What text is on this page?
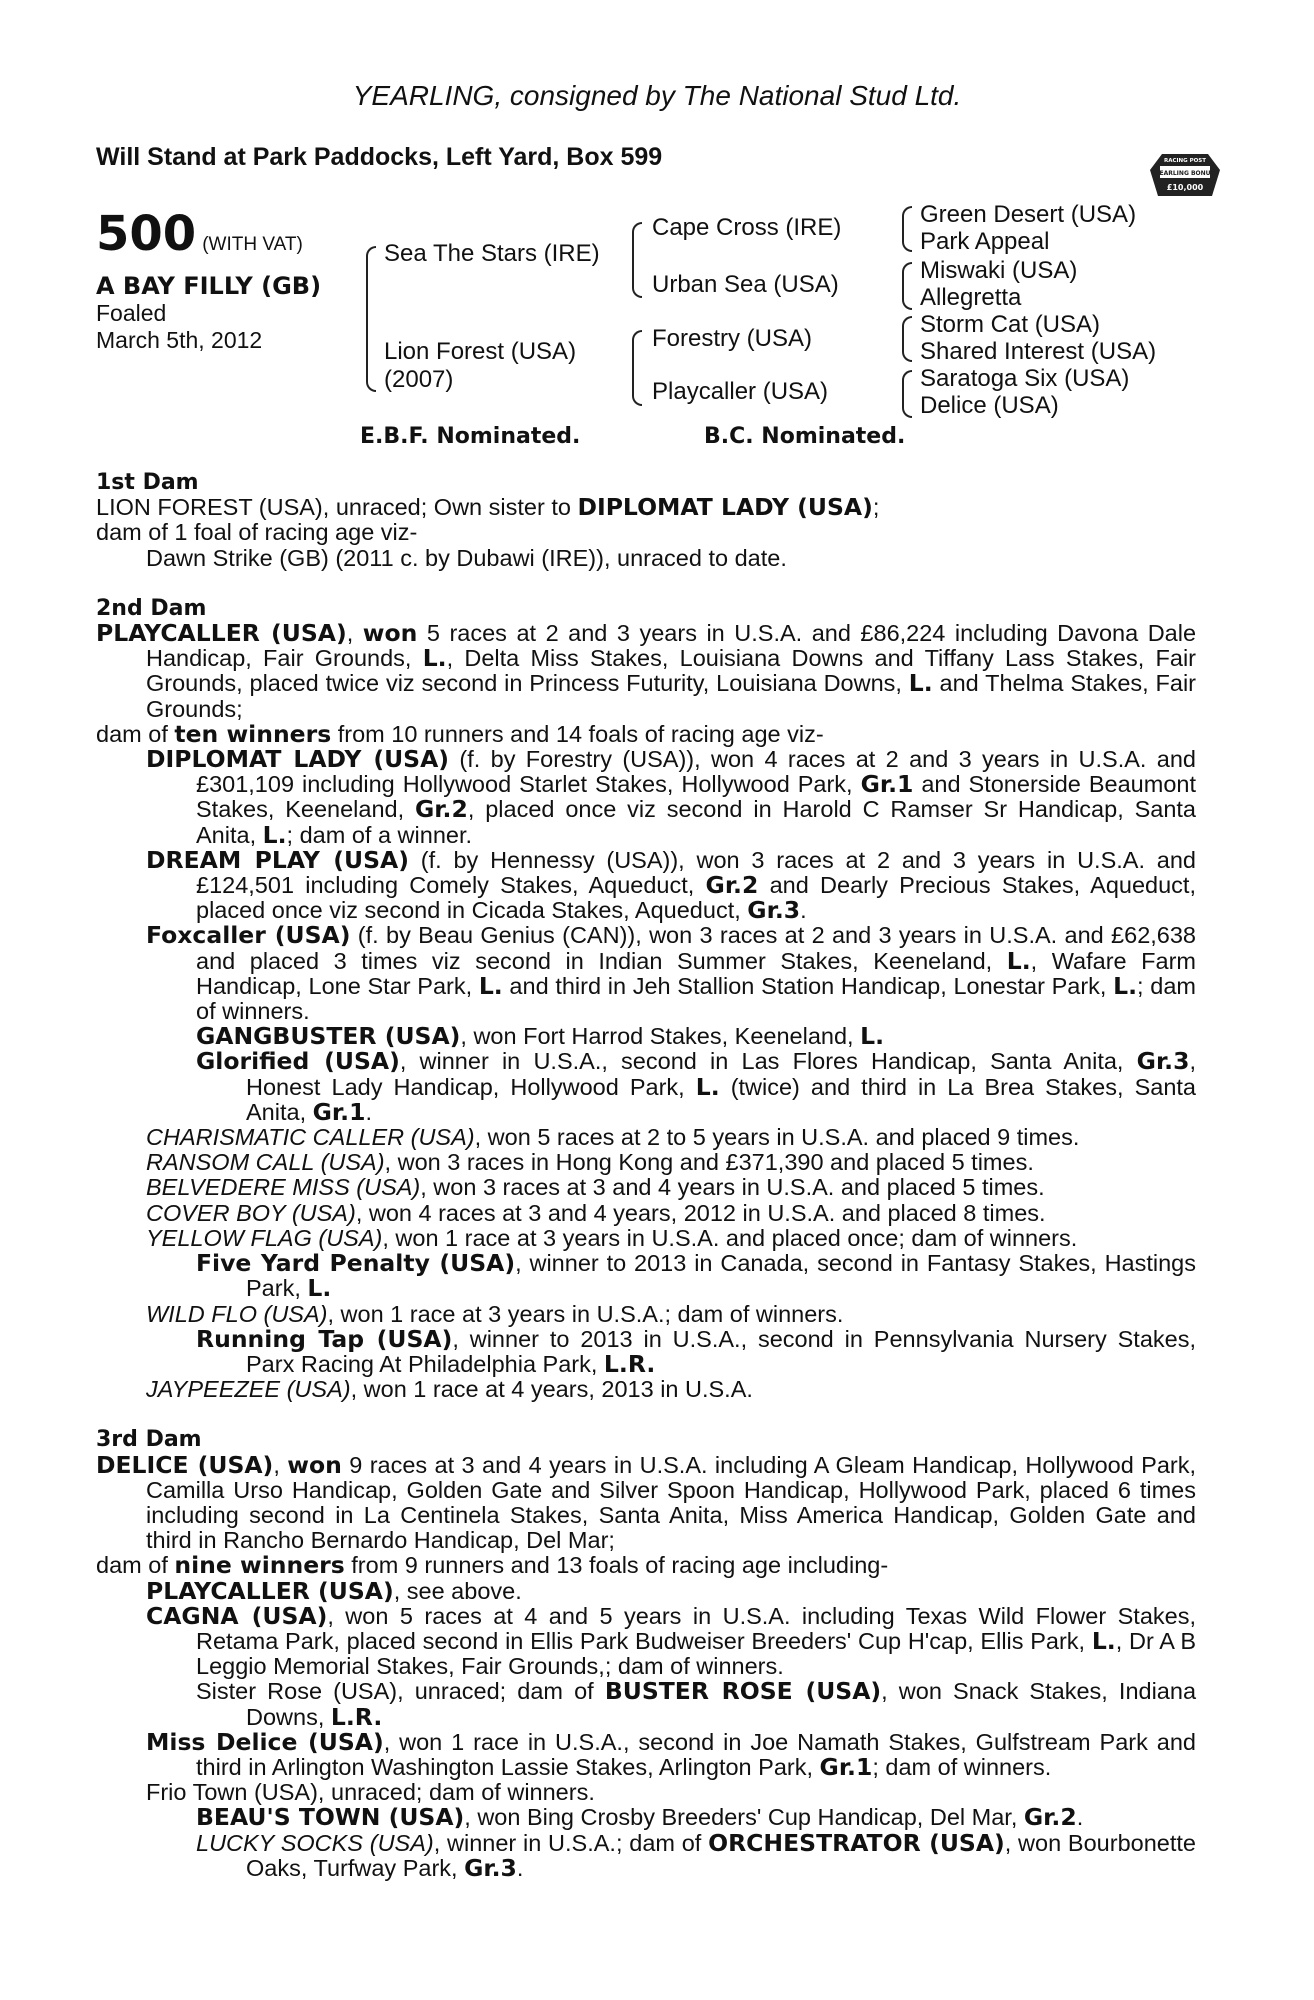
YEARLING, consigned by The National Stud Ltd.
Will Stand at Park Paddocks, Left Yard, Box 599	RACING POST
YEARLING BONUS
£10,000
500 (WITH VAT)
A BAY FILLY (GB)
Foaled
March 5th, 2012
Sea The Stars (IRE)
Lion Forest (USA)
(2007)
Cape Cross (IRE)
Urban Sea (USA)
Forestry (USA)
Playcaller (USA)
Green Desert (USA)
Park Appeal
Miswaki (USA)
Allegretta
Storm Cat (USA)
Shared Interest (USA)
Saratoga Six (USA)
Delice (USA)
E.B.F. Nominated.	B.C. Nominated.
1st Dam
LION FOREST (USA), unraced; Own sister to DIPLOMAT LADY (USA);
dam of 1 foal of racing age viz-
Dawn Strike (GB) (2011 c. by Dubawi (IRE)), unraced to date.
2nd Dam
PLAYCALLER (USA), won 5 races at 2 and 3 years in U.S.A. and £86,224 including Davona Dale Handicap, Fair Grounds, L., Delta Miss Stakes, Louisiana Downs and Tiffany Lass Stakes, Fair Grounds, placed twice viz second in Princess Futurity, Louisiana Downs, L. and Thelma Stakes, Fair Grounds;
dam of ten winners from 10 runners and 14 foals of racing age viz-
DIPLOMAT LADY (USA) (f. by Forestry (USA)), won 4 races at 2 and 3 years in U.S.A. and £301,109 including Hollywood Starlet Stakes, Hollywood Park, Gr.1 and Stonerside Beaumont Stakes, Keeneland, Gr.2, placed once viz second in Harold C Ramser Sr Handicap, Santa Anita, L.; dam of a winner.
DREAM PLAY (USA) (f. by Hennessy (USA)), won 3 races at 2 and 3 years in U.S.A. and £124,501 including Comely Stakes, Aqueduct, Gr.2 and Dearly Precious Stakes, Aqueduct, placed once viz second in Cicada Stakes, Aqueduct, Gr.3.
Foxcaller (USA) (f. by Beau Genius (CAN)), won 3 races at 2 and 3 years in U.S.A. and £62,638 and placed 3 times viz second in Indian Summer Stakes, Keeneland, L., Wafare Farm Handicap, Lone Star Park, L. and third in Jeh Stallion Station Handicap, Lonestar Park, L.; dam of winners.
GANGBUSTER (USA), won Fort Harrod Stakes, Keeneland, L.
Glorified (USA), winner in U.S.A., second in Las Flores Handicap, Santa Anita, Gr.3, Honest Lady Handicap, Hollywood Park, L. (twice) and third in La Brea Stakes, Santa Anita, Gr.1.
CHARISMATIC CALLER (USA), won 5 races at 2 to 5 years in U.S.A. and placed 9 times.
RANSOM CALL (USA), won 3 races in Hong Kong and £371,390 and placed 5 times.
BELVEDERE MISS (USA), won 3 races at 3 and 4 years in U.S.A. and placed 5 times.
COVER BOY (USA), won 4 races at 3 and 4 years, 2012 in U.S.A. and placed 8 times.
YELLOW FLAG (USA), won 1 race at 3 years in U.S.A. and placed once; dam of winners.
Five Yard Penalty (USA), winner to 2013 in Canada, second in Fantasy Stakes, Hastings Park, L.
WILD FLO (USA), won 1 race at 3 years in U.S.A.; dam of winners.
Running Tap (USA), winner to 2013 in U.S.A., second in Pennsylvania Nursery Stakes, Parx Racing At Philadelphia Park, L.R.
JAYPEEZEE (USA), won 1 race at 4 years, 2013 in U.S.A.
3rd Dam
DELICE (USA), won 9 races at 3 and 4 years in U.S.A. including A Gleam Handicap, Hollywood Park, Camilla Urso Handicap, Golden Gate and Silver Spoon Handicap, Hollywood Park, placed 6 times including second in La Centinela Stakes, Santa Anita, Miss America Handicap, Golden Gate and third in Rancho Bernardo Handicap, Del Mar;
dam of nine winners from 9 runners and 13 foals of racing age including-
PLAYCALLER (USA), see above.
CAGNA (USA), won 5 races at 4 and 5 years in U.S.A. including Texas Wild Flower Stakes, Retama Park, placed second in Ellis Park Budweiser Breeders' Cup H'cap, Ellis Park, L., Dr A B Leggio Memorial Stakes, Fair Grounds,; dam of winners.
Sister Rose (USA), unraced; dam of BUSTER ROSE (USA), won Snack Stakes, Indiana Downs, L.R.
Miss Delice (USA), won 1 race in U.S.A., second in Joe Namath Stakes, Gulfstream Park and third in Arlington Washington Lassie Stakes, Arlington Park, Gr.1; dam of winners.
Frio Town (USA), unraced; dam of winners.
BEAU'S TOWN (USA), won Bing Crosby Breeders' Cup Handicap, Del Mar, Gr.2.
LUCKY SOCKS (USA), winner in U.S.A.; dam of ORCHESTRATOR (USA), won Bourbonette Oaks, Turfway Park, Gr.3.
